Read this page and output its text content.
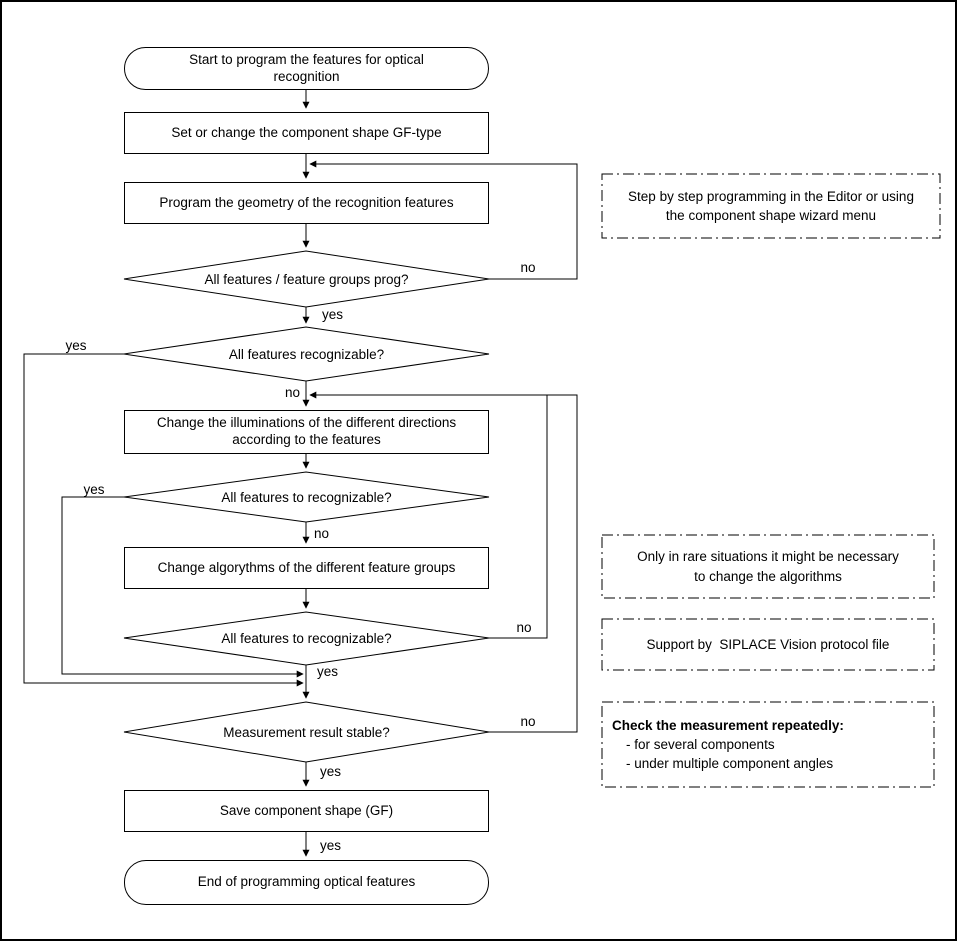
Start to program the features for optical recognition
Set or change the component shape GF-type
Program the geometry of the recognition features
Change the illuminations of the different directions according to the features
Change algorythms of the different feature groups
Save component shape (GF)
End of programming optical features
All features / feature groups prog?
All features recognizable?
All features to recognizable?
All features to recognizable?
Measurement result stable?
no
yes
yes
no
yes
no
no
yes
no
yes
yes
Step by step programming in the Editor or using the component shape wizard menu
Only in rare situations it might be necessary to change the algorithms
Support by  SIPLACE Vision protocol file
Check the measurement repeatedly:
- for several components
- under multiple component angles
